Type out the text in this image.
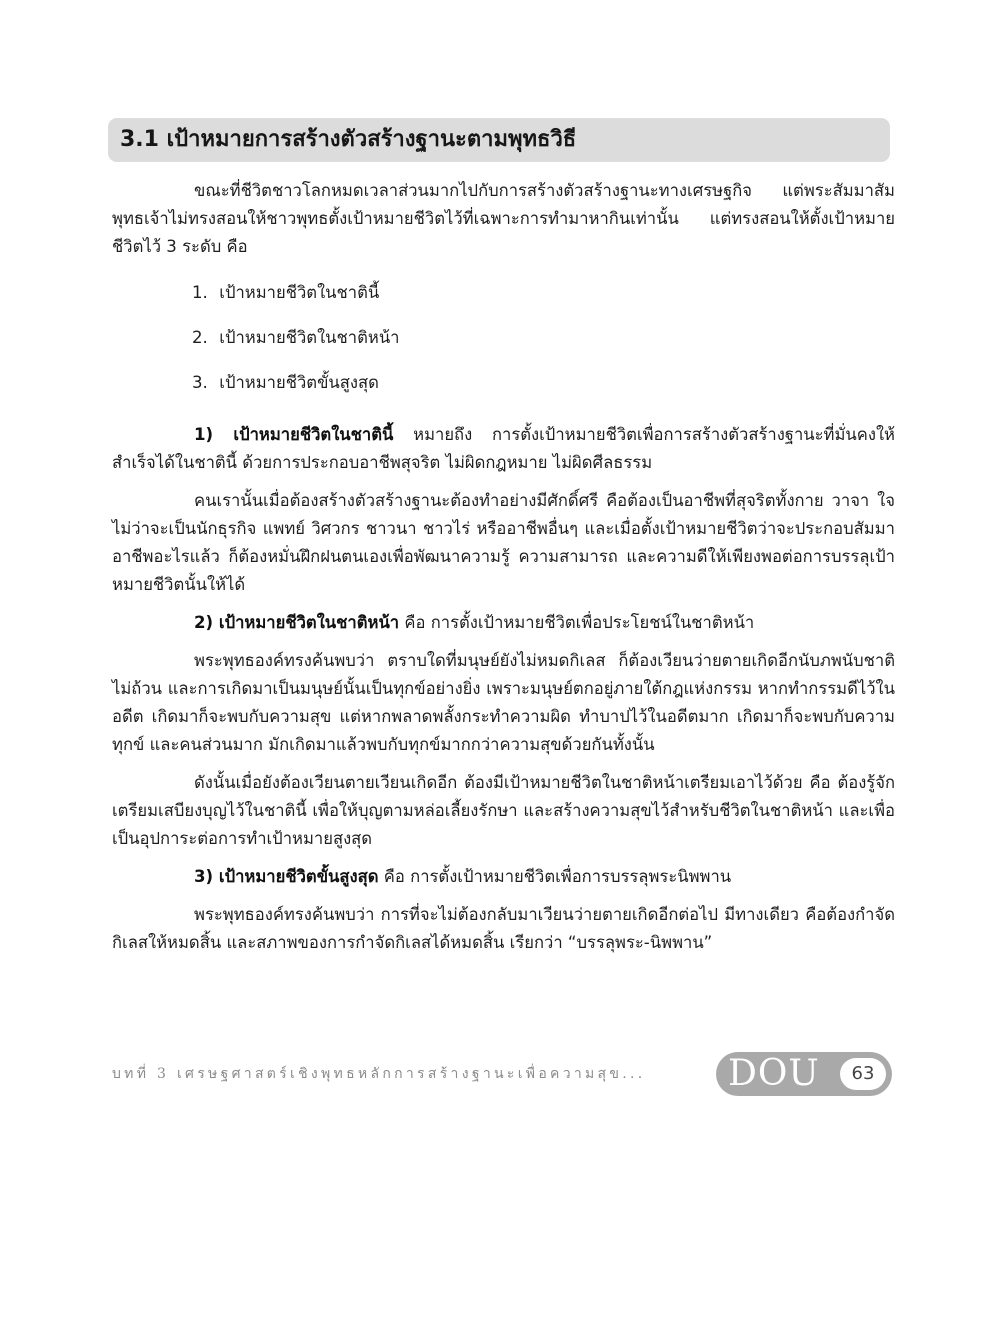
3.1 เป้าหมายการสร้างตัวสร้างฐานะตามพุทธวิธี

ขณะที่ชีวิตชาวโลกหมดเวลาส่วนมากไปกับการสร้างตัวสร้างฐานะทางเศรษฐกิจ แต่พระสัมมาสัมพุทธเจ้าไม่ทรงสอนให้ชาวพุทธตั้งเป้าหมายชีวิตไว้ที่เฉพาะการทำมาหากินเท่านั้น แต่ทรงสอนให้ตั้งเป้าหมายชีวิตไว้ 3 ระดับ คือ

1. เป้าหมายชีวิตในชาตินี้
2. เป้าหมายชีวิตในชาติหน้า
3. เป้าหมายชีวิตขั้นสูงสุด

1) เป้าหมายชีวิตในชาตินี้ หมายถึง การตั้งเป้าหมายชีวิตเพื่อการสร้างตัวสร้างฐานะที่มั่นคงให้สำเร็จได้ในชาตินี้ ด้วยการประกอบอาชีพสุจริต ไม่ผิดกฎหมาย ไม่ผิดศีลธรรม

คนเรานั้นเมื่อต้องสร้างตัวสร้างฐานะต้องทำอย่างมีศักดิ์ศรี คือต้องเป็นอาชีพที่สุจริตทั้งกาย วาจา ใจ ไม่ว่าจะเป็นนักธุรกิจ แพทย์ วิศวกร ชาวนา ชาวไร่ หรืออาชีพอื่นๆ และเมื่อตั้งเป้าหมายชีวิตว่าจะประกอบสัมมาอาชีพอะไรแล้ว ก็ต้องหมั่นฝึกฝนตนเองเพื่อพัฒนาความรู้ ความสามารถ และความดีให้เพียงพอต่อการบรรลุเป้าหมายชีวิตนั้นให้ได้

2) เป้าหมายชีวิตในชาติหน้า คือ การตั้งเป้าหมายชีวิตเพื่อประโยชน์ในชาติหน้า

พระพุทธองค์ทรงค้นพบว่า ตราบใดที่มนุษย์ยังไม่หมดกิเลส ก็ต้องเวียนว่ายตายเกิดอีกนับภพนับชาติไม่ถ้วน และการเกิดมาเป็นมนุษย์นั้นเป็นทุกข์อย่างยิ่ง เพราะมนุษย์ตกอยู่ภายใต้กฎแห่งกรรม หากทำกรรมดีไว้ในอดีต เกิดมาก็จะพบกับความสุข แต่หากพลาดพลั้งกระทำความผิด ทำบาปไว้ในอดีตมาก เกิดมาก็จะพบกับความทุกข์ และคนส่วนมาก มักเกิดมาแล้วพบกับทุกข์มากกว่าความสุขด้วยกันทั้งนั้น

ดังนั้นเมื่อยังต้องเวียนตายเวียนเกิดอีก ต้องมีเป้าหมายชีวิตในชาติหน้าเตรียมเอาไว้ด้วย คือ ต้องรู้จักเตรียมเสบียงบุญไว้ในชาตินี้ เพื่อให้บุญตามหล่อเลี้ยงรักษา และสร้างความสุขไว้สำหรับชีวิตในชาติหน้า และเพื่อเป็นอุปการะต่อการทำเป้าหมายสูงสุด

3) เป้าหมายชีวิตขั้นสูงสุด คือ การตั้งเป้าหมายชีวิตเพื่อการบรรลุพระนิพพาน

พระพุทธองค์ทรงค้นพบว่า การที่จะไม่ต้องกลับมาเวียนว่ายตายเกิดอีกต่อไป มีทางเดียว คือต้องกำจัดกิเลสให้หมดสิ้น และสภาพของการกำจัดกิเลสได้หมดสิ้น เรียกว่า “บรรลุพระ-นิพพาน”

บทที่ 3 เศรษฐศาสตร์เชิงพุทธหลักการสร้างฐานะเพื่อความสุข... DOU	63
